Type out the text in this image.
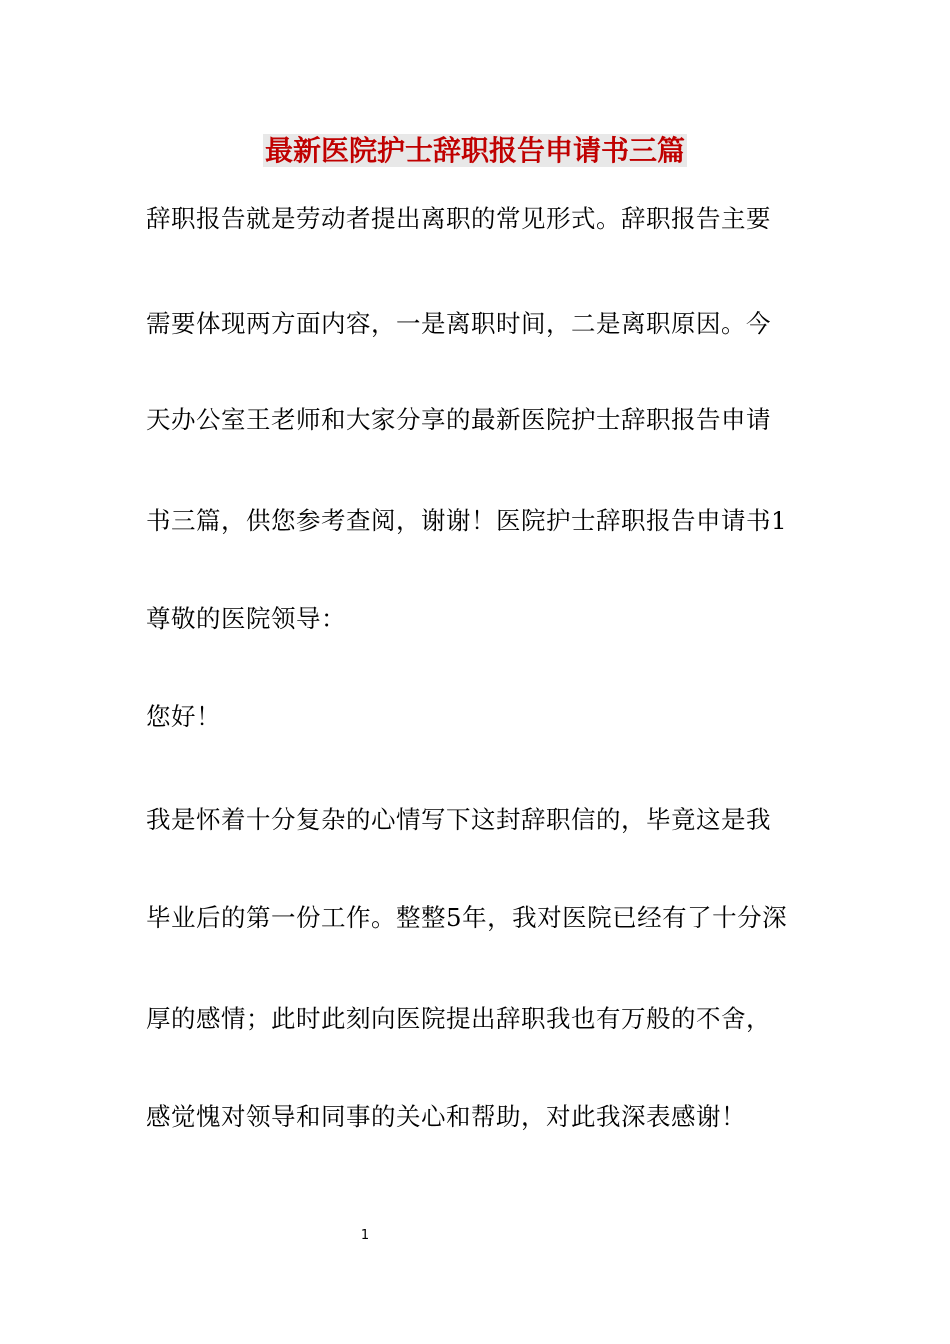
最新医院护士辞职报告申请书三篇
辞职报告就是劳动者提出离职的常见形式。辞职报告主要
需要体现两方面内容，一是离职时间，二是离职原因。今
天办公室王老师和大家分享的最新医院护士辞职报告申请
书三篇，供您参考查阅，谢谢！医院护士辞职报告申请书1
尊敬的医院领导：
您好！
我是怀着十分复杂的心情写下这封辞职信的，毕竟这是我
毕业后的第一份工作。整整5年，我对医院已经有了十分深
厚的感情；此时此刻向医院提出辞职我也有万般的不舍，
感觉愧对领导和同事的关心和帮助，对此我深表感谢！
1
